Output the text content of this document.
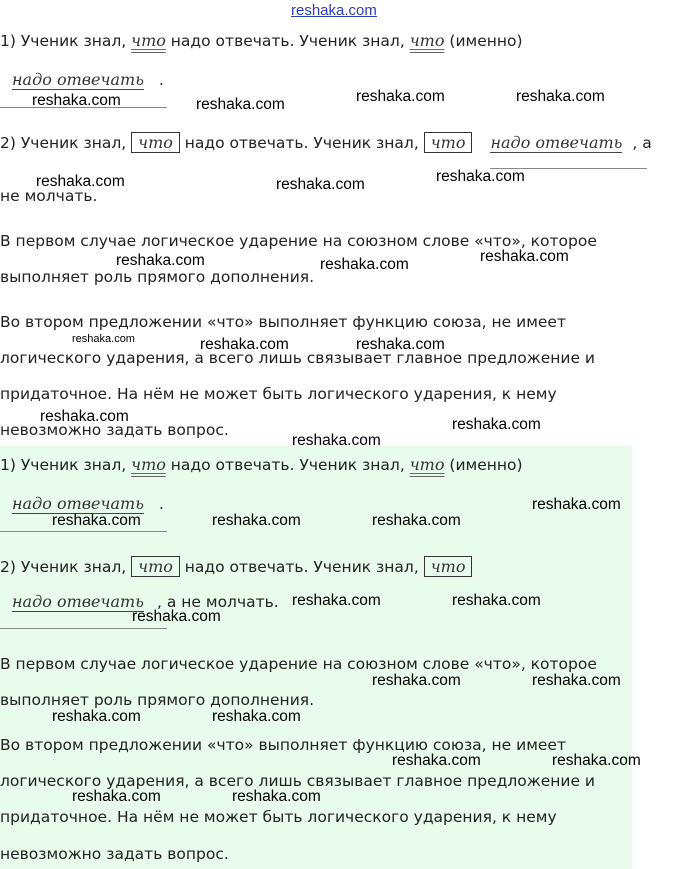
reshaka.com
1) Ученик знал, что надо отвечать. Ученик знал, что (именно)
надо отвечать .
2) Ученик знал, что надо отвечать. Ученик знал, что надо отвечать , а
не молчать.
В первом случае логическое ударение на союзном слове «что», которое
выполняет роль прямого дополнения.
Во втором предложении «что» выполняет функцию союза, не имеет
логического ударения, а всего лишь связывает главное предложение и
придаточное. На нём не может быть логического ударения, к нему
невозможно задать вопрос.
1) Ученик знал, что надо отвечать. Ученик знал, что (именно)
надо отвечать .
2) Ученик знал, что надо отвечать. Ученик знал, что
надо отвечать , а не молчать.
В первом случае логическое ударение на союзном слове «что», которое
выполняет роль прямого дополнения.
Во втором предложении «что» выполняет функцию союза, не имеет
логического ударения, а всего лишь связывает главное предложение и
придаточное. На нём не может быть логического ударения, к нему
невозможно задать вопрос.
reshaka.com	reshaka.com	reshaka.com	reshaka.com
reshaka.com	reshaka.com	reshaka.com
reshaka.com	reshaka.com	reshaka.com
reshaka.com	reshaka.com	reshaka.com
reshaka.com	reshaka.com
reshaka.com
reshaka.com
reshaka.com	reshaka.com	reshaka.com
reshaka.com	reshaka.com
reshaka.com
reshaka.com	reshaka.com
reshaka.com	reshaka.com
reshaka.com	reshaka.com
reshaka.com	reshaka.com
